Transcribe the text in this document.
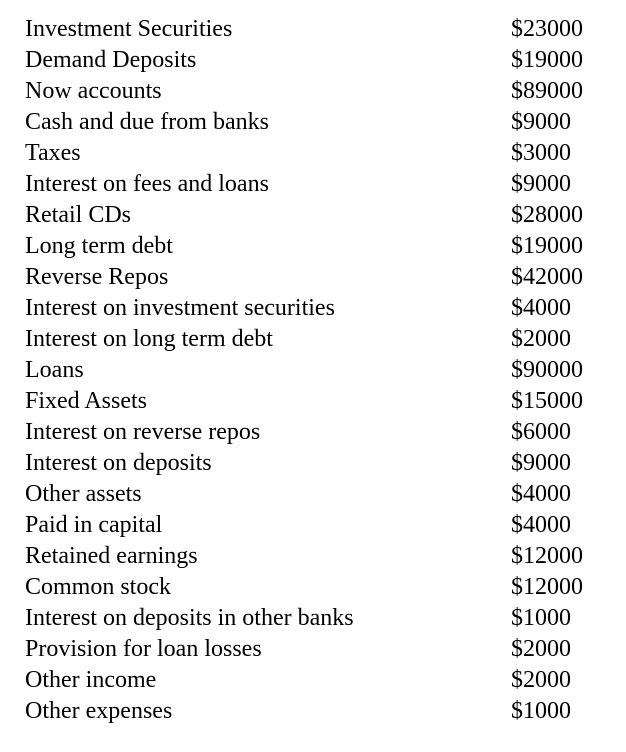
Investment Securities	$23000
Demand Deposits	$19000
Now accounts	$89000
Cash and due from banks	$9000
Taxes	$3000
Interest on fees and loans	$9000
Retail CDs	$28000
Long term debt	$19000
Reverse Repos	$42000
Interest on investment securities	$4000
Interest on long term debt	$2000
Loans	$90000
Fixed Assets	$15000
Interest on reverse repos	$6000
Interest on deposits	$9000
Other assets	$4000
Paid in capital	$4000
Retained earnings	$12000
Common stock	$12000
Interest on deposits in other banks	$1000
Provision for loan losses	$2000
Other income	$2000
Other expenses	$1000
